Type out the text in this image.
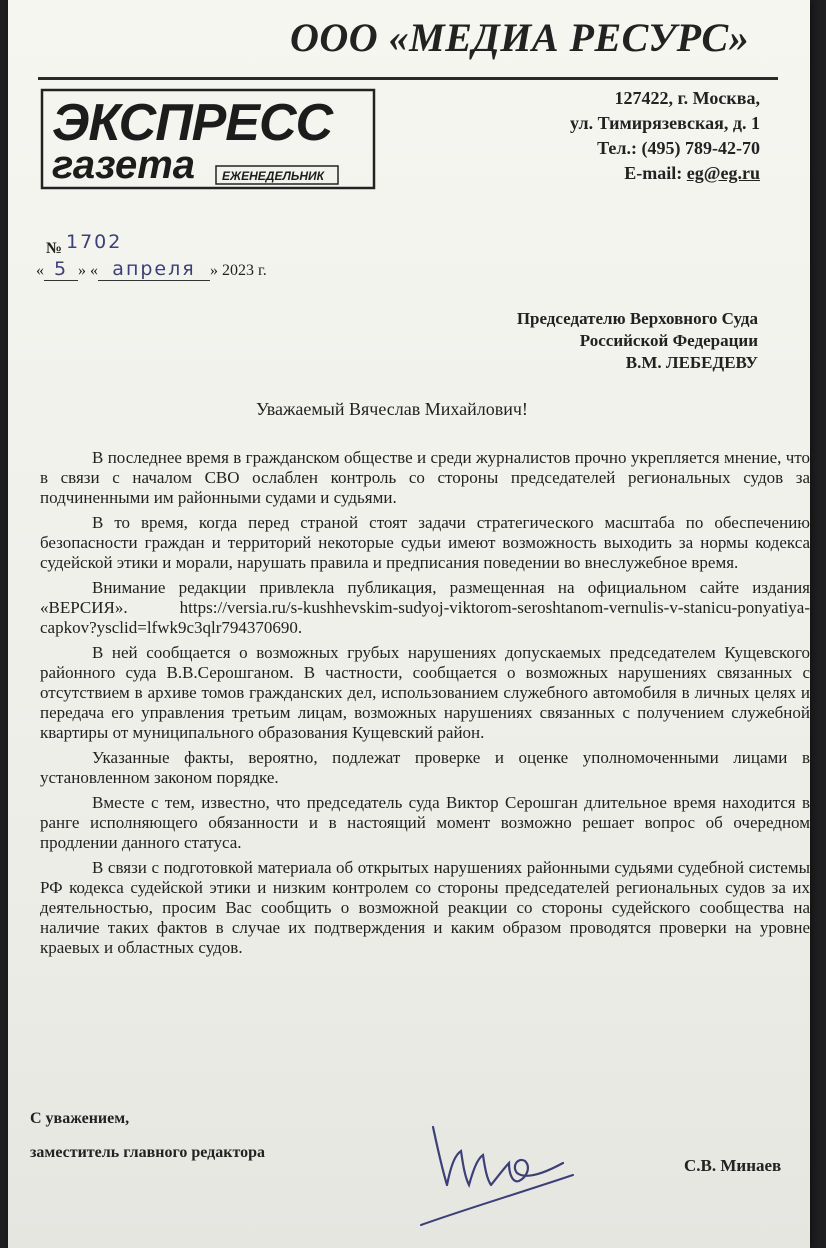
ООО «МЕДИА РЕСУРС»
ЭКСПРЕСС
газета ЕЖЕНЕДЕЛЬНИК
127422, г. Москва,
ул. Тимирязевская, д. 1
Тел.: (495) 789-42-70
E-mail: eg@eg.ru
№ 1702
« 5 » « апреля » 2023 г.
Председателю Верховного Суда
Российской Федерации
В.М. ЛЕБЕДЕВУ
Уважаемый Вячеслав Михайлович!

В последнее время в гражданском обществе и среди журналистов прочно укрепляется мнение, что в связи с началом СВО ослаблен контроль со стороны председателей региональных судов за подчиненными им районными судами и судьями.

В то время, когда перед страной стоят задачи стратегического масштаба по обеспечению безопасности граждан и территорий некоторые судьи имеют возможность выходить за нормы кодекса судейской этики и морали, нарушать правила и предписания поведении во внеслужебное время.

Внимание редакции привлекла публикация, размещенная на официальном сайте издания «ВЕРСИЯ». https://versia.ru/s-kushhevskim-sudyoj-viktorom-seroshtanom-vernulis-v-stanicu-ponyatiya-capkov?ysclid=lfwk9c3qlr794370690.

В ней сообщается о возможных грубых нарушениях допускаемых председателем Кущевского районного суда В.В.Серошганом. В частности, сообщается о возможных нарушениях связанных с отсутствием в архиве томов гражданских дел, использованием служебного автомобиля в личных целях и передача его управления третьим лицам, возможных нарушениях связанных с получением служебной квартиры от муниципального образования Кущевский район.

Указанные факты, вероятно, подлежат проверке и оценке уполномоченными лицами в установленном законом порядке.

Вместе с тем, известно, что председатель суда Виктор Серошган длительное время находится в ранге исполняющего обязанности и в настоящий момент возможно решает вопрос об очередном продлении данного статуса.

В связи с подготовкой материала об открытых нарушениях районными судьями судебной системы РФ кодекса судейской этики и низким контролем со стороны председателей региональных судов за их деятельностью, просим Вас сообщить о возможной реакции со стороны судейского сообщества на наличие таких фактов в случае их подтверждения и каким образом проводятся проверки на уровне краевых и областных судов.

С уважением,
заместитель главного редактора
С.В. Минаев
